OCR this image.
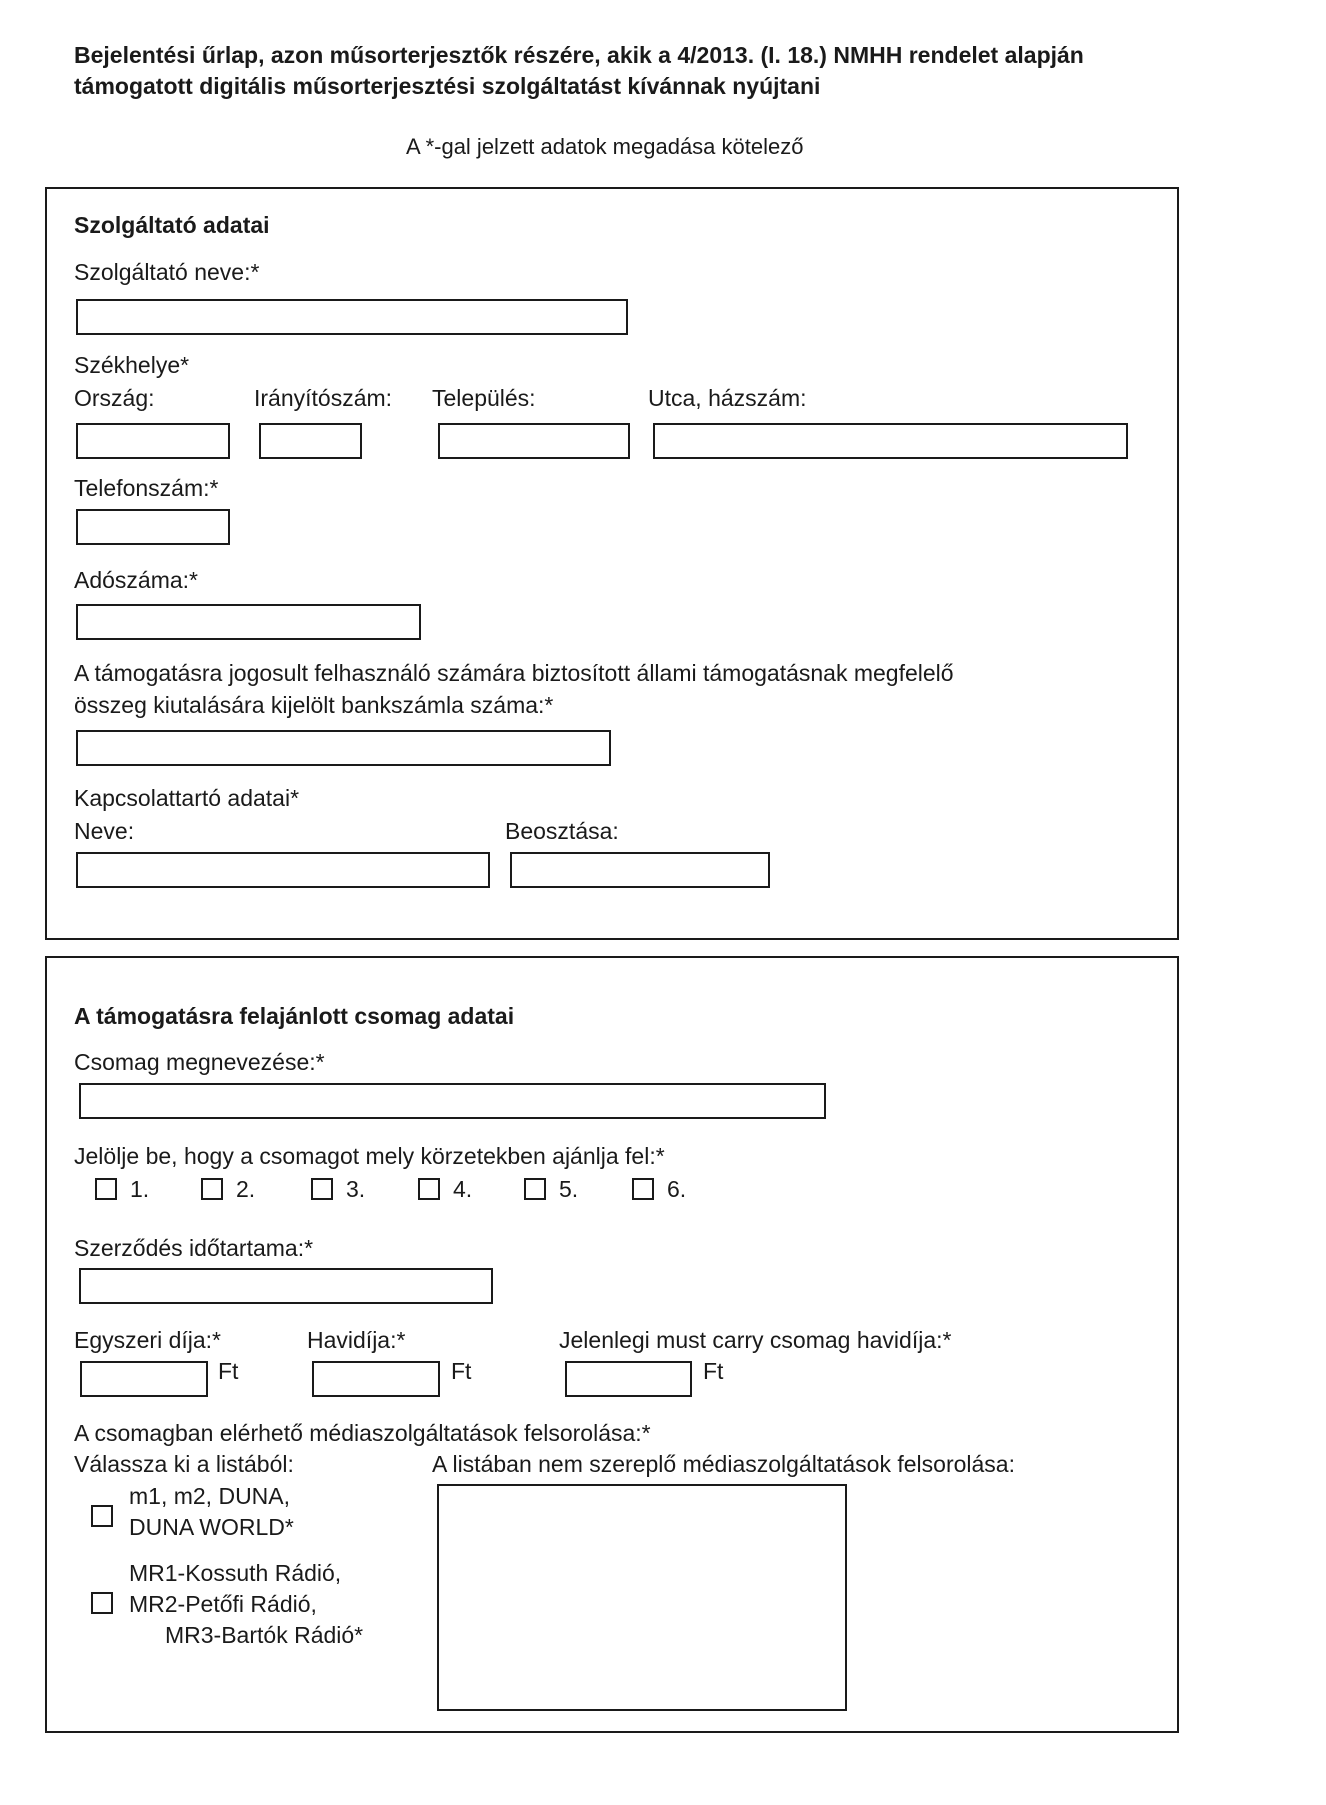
Bejelentési űrlap, azon műsorterjesztők részére, akik a 4/2013. (I. 18.) NMHH rendelet alapján
támogatott digitális műsorterjesztési szolgáltatást kívánnak nyújtani
A *-gal jelzett adatok megadása kötelező
Szolgáltató adatai
Szolgáltató neve:*
Székhelye*
Ország:	Irányítószám: Település:	Utca, házszám:
Telefonszám:*
Adószáma:*
A támogatásra jogosult felhasználó számára biztosított állami támogatásnak megfelelő
összeg kiutalására kijelölt bankszámla száma:*
Kapcsolattartó adatai*
Neve:	Beosztása:
A támogatásra felajánlott csomag adatai
Csomag megnevezése:*
Jelölje be, hogy a csomagot mely körzetekben ajánlja fel:*
1.	2.	3.	4.	5.	6.
Szerződés időtartama:*
Egyszeri díja:*	Havidíja:*	Jelenlegi must carry csomag havidíja:*
Ft	Ft	Ft
A csomagban elérhető médiaszolgáltatások felsorolása:*
Válassza ki a listából:	A listában nem szereplő médiaszolgáltatások felsorolása:
m1, m2, DUNA,
DUNA WORLD*
MR1-Kossuth Rádió,
MR2-Petőfi Rádió,
MR3-Bartók Rádió*
